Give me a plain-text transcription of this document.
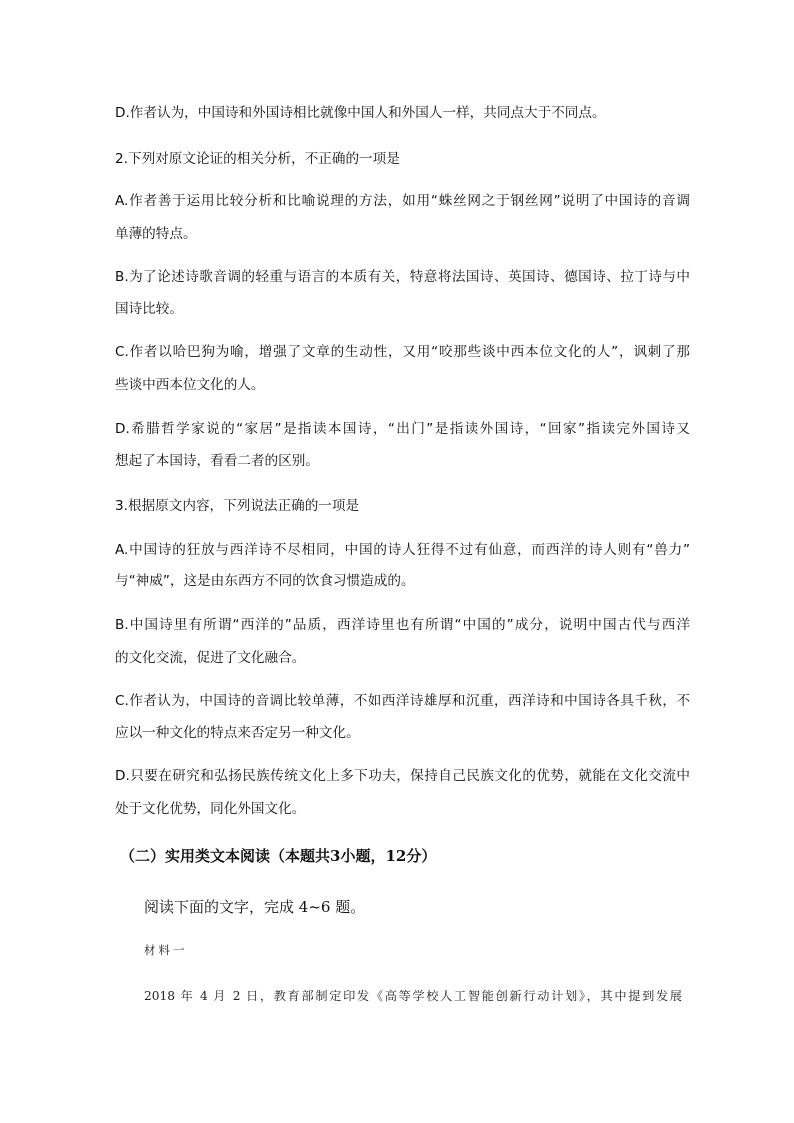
D.作者认为，中国诗和外国诗相比就像中国人和外国人一样，共同点大于不同点。
2.下列对原文论证的相关分析，不正确的一项是
A.作者善于运用比较分析和比喻说理的方法，如用“蛛丝网之于钢丝网”说明了中国诗的音调
单薄的特点。
B.为了论述诗歌音调的轻重与语言的本质有关，特意将法国诗、英国诗、德国诗、拉丁诗与中
国诗比较。
C.作者以哈巴狗为喻，增强了文章的生动性，又用“咬那些谈中西本位文化的人”，讽刺了那
些谈中西本位文化的人。
D.希腊哲学家说的“家居”是指读本国诗，“出门”是指读外国诗，“回家”指读完外国诗又
想起了本国诗，看看二者的区别。
3.根据原文内容，下列说法正确的一项是
A.中国诗的狂放与西洋诗不尽相同，中国的诗人狂得不过有仙意，而西洋的诗人则有“兽力”
与“神威”，这是由东西方不同的饮食习惯造成的。
B.中国诗里有所谓“西洋的”品质，西洋诗里也有所谓“中国的”成分，说明中国古代与西洋
的文化交流，促进了文化融合。
C.作者认为，中国诗的音调比较单薄，不如西洋诗雄厚和沉重，西洋诗和中国诗各具千秋，不
应以一种文化的特点来否定另一种文化。
D.只要在研究和弘扬民族传统文化上多下功夫，保持自己民族文化的优势，就能在文化交流中
处于文化优势，同化外国文化。
（二）实用类文本阅读（本题共3小题，12分）
阅读下面的文字，完成 4~6 题。
材料一
2018 年 4 月 2 日，教育部制定印发《高等学校人工智能创新行动计划》，其中提到发展
